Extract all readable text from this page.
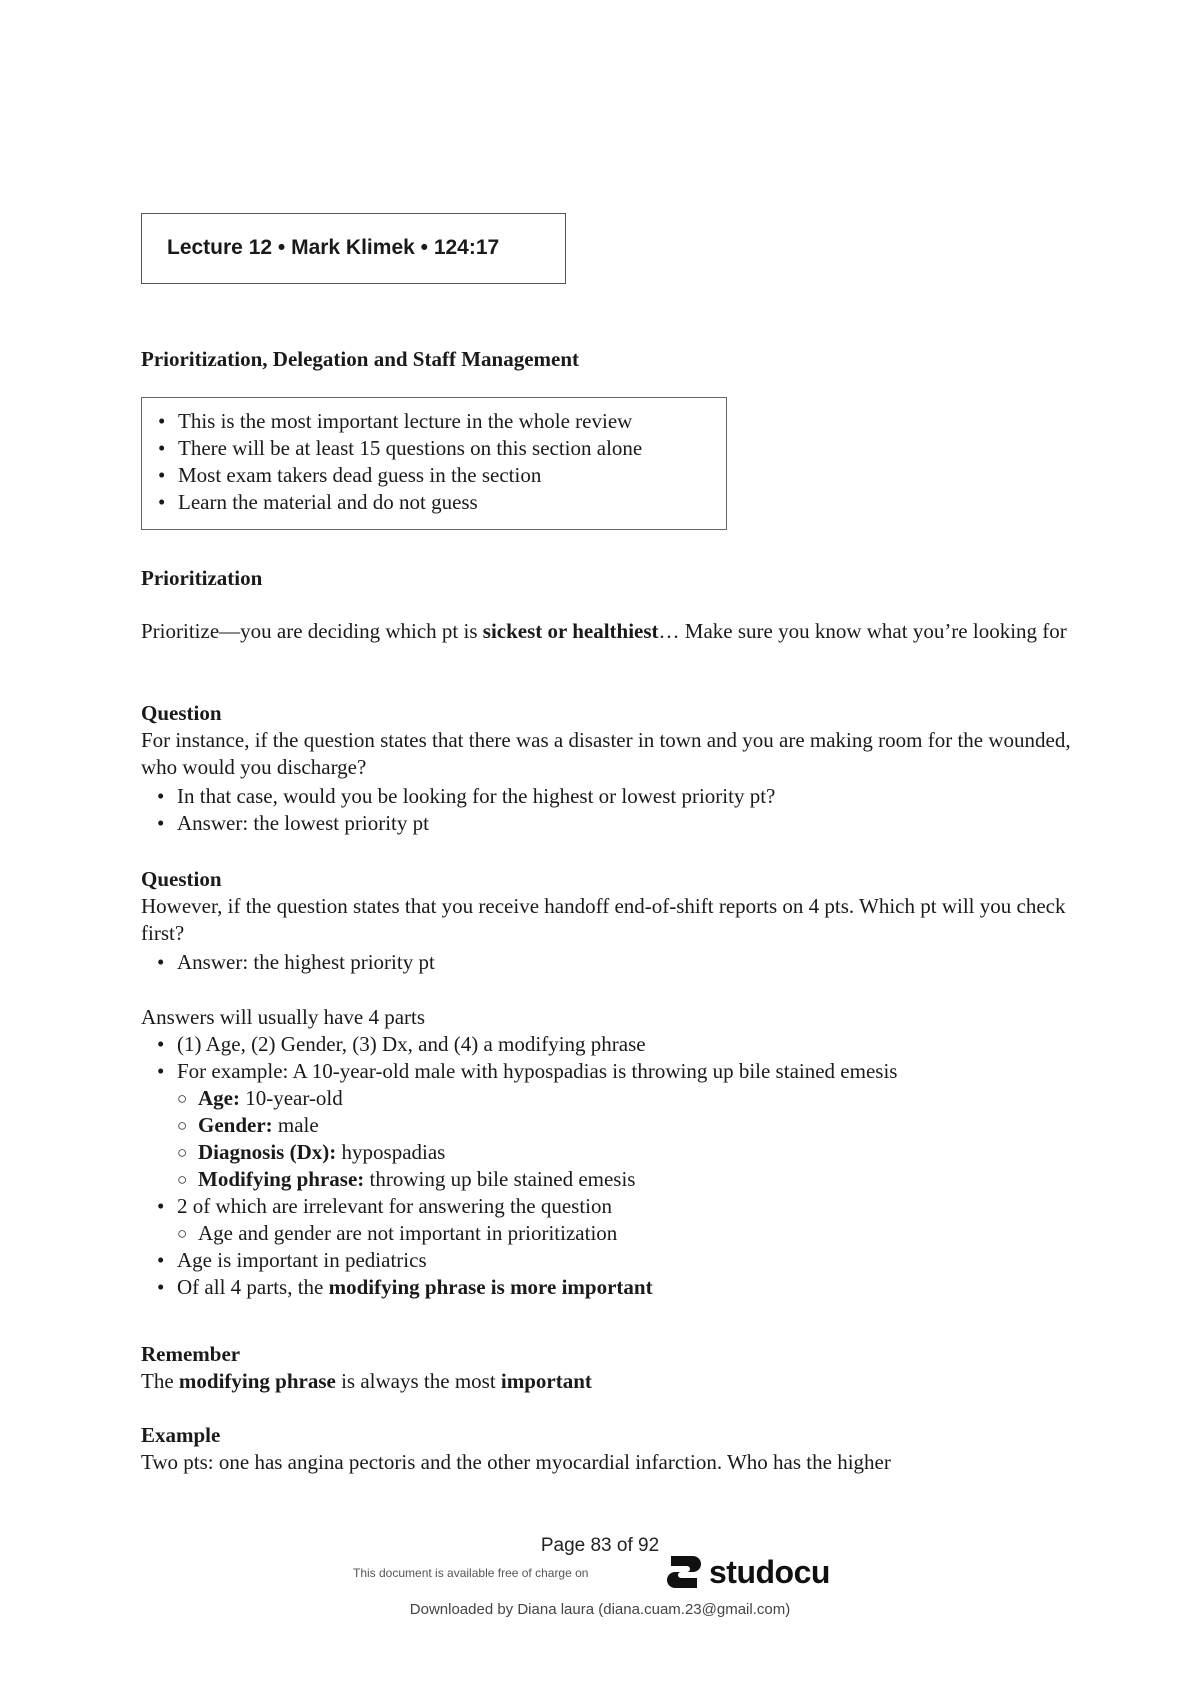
Lecture 12 • Mark Klimek • 124:17
Prioritization, Delegation and Staff Management
• This is the most important lecture in the whole review
• There will be at least 15 questions on this section alone
• Most exam takers dead guess in the section
• Learn the material and do not guess
Prioritization
Prioritize—you are deciding which pt is sickest or healthiest… Make sure you know what you’re looking for
Question
For instance, if the question states that there was a disaster in town and you are making room for the wounded, who would you discharge?
• In that case, would you be looking for the highest or lowest priority pt?
• Answer: the lowest priority pt
Question
However, if the question states that you receive handoff end-of-shift reports on 4 pts. Which pt will you check first?
• Answer: the highest priority pt
Answers will usually have 4 parts
• (1) Age, (2) Gender, (3) Dx, and (4) a modifying phrase
• For example: A 10-year-old male with hypospadias is throwing up bile stained emesis
○ Age: 10-year-old
○ Gender: male
○ Diagnosis (Dx): hypospadias
○ Modifying phrase: throwing up bile stained emesis
• 2 of which are irrelevant for answering the question
○ Age and gender are not important in prioritization
• Age is important in pediatrics
• Of all 4 parts, the modifying phrase is more important
Remember
The modifying phrase is always the most important
Example
Two pts: one has angina pectoris and the other myocardial infarction. Who has the higher
Page 83 of 92
This document is available free of charge on	studocu
Downloaded by Diana laura (diana.cuam.23@gmail.com)
